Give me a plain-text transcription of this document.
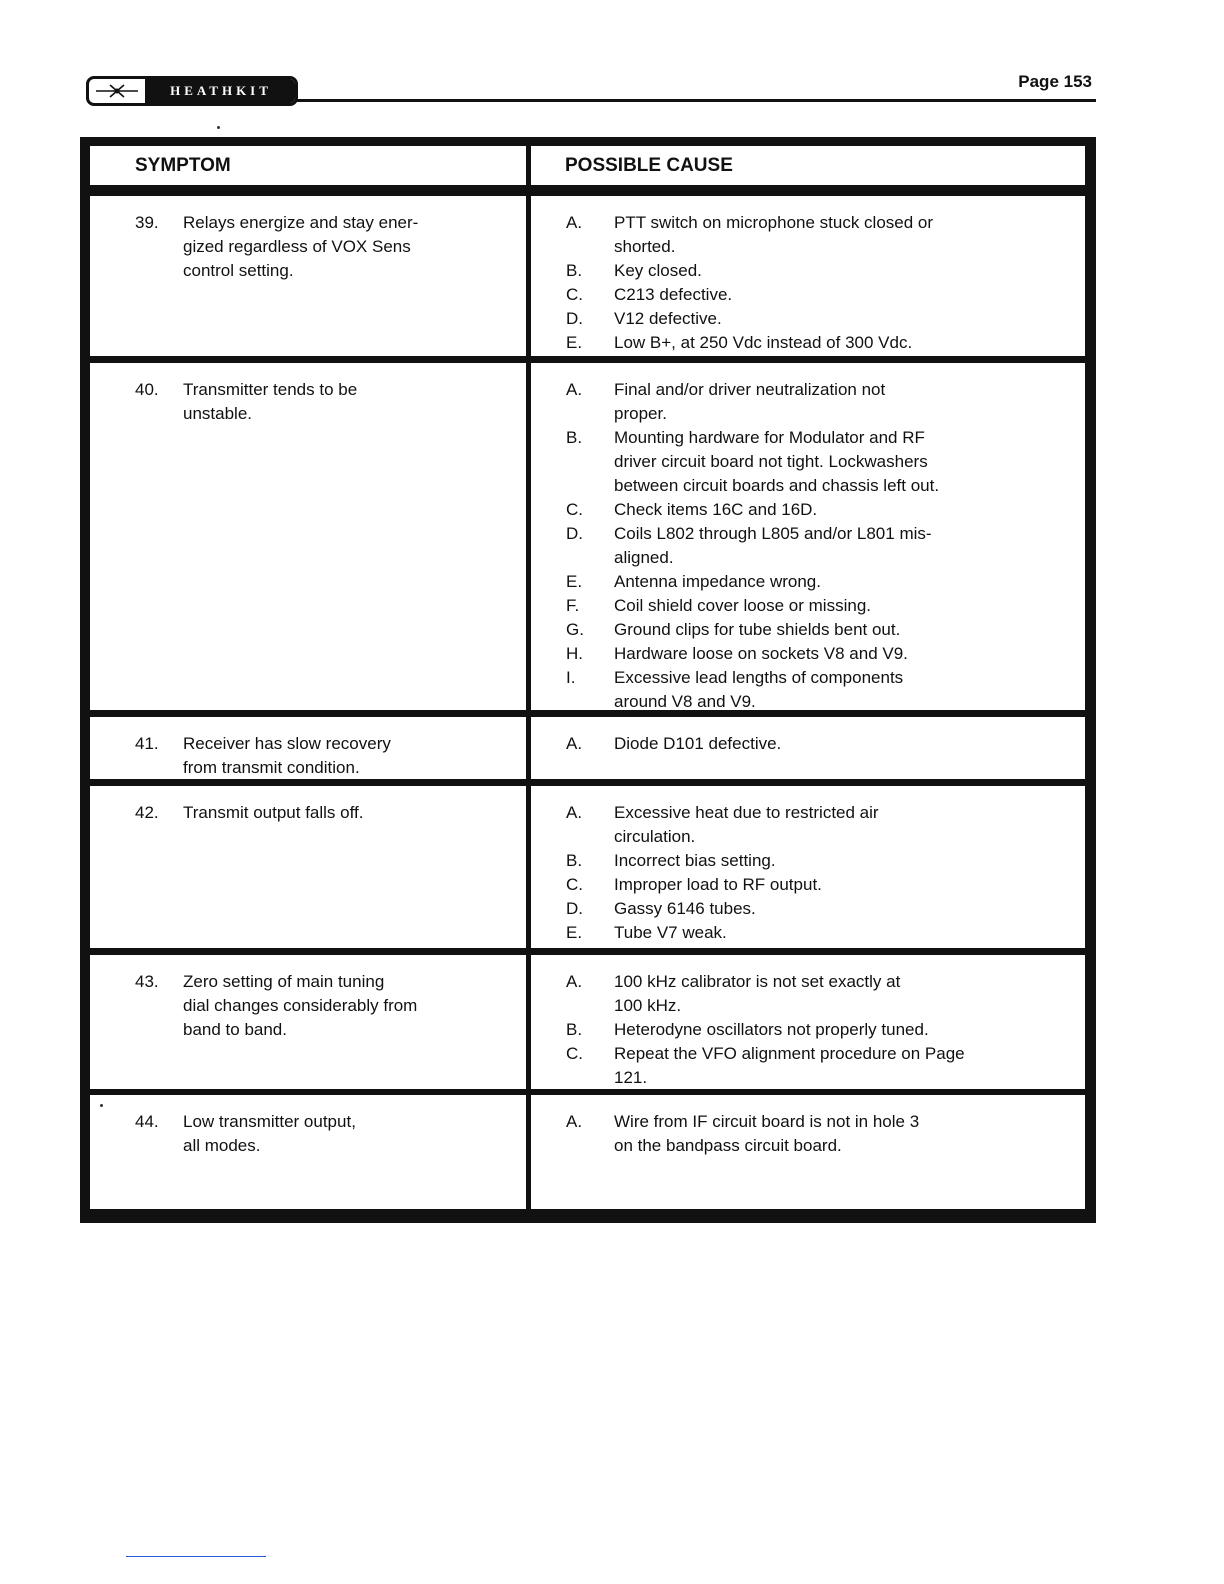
HEATHKIT	Page 153
SYMPTOM	POSSIBLE CAUSE
39.	Relays energize and stay ener-
gized regardless of VOX Sens
control setting.
A.	PTT switch on microphone stuck closed or
shorted.
B.	Key closed.
C.	C213 defective.
D.	V12 defective.
E.	Low B+, at 250 Vdc instead of 300 Vdc.
40.	Transmitter tends to be
unstable.
A.	Final and/or driver neutralization not
proper.
B.	Mounting hardware for Modulator and RF
driver circuit board not tight. Lockwashers
between circuit boards and chassis left out.
C.	Check items 16C and 16D.
D.	Coils L802 through L805 and/or L801 mis-
aligned.
E.	Antenna impedance wrong.
F.	Coil shield cover loose or missing.
G.	Ground clips for tube shields bent out.
H.	Hardware loose on sockets V8 and V9.
I.	Excessive lead lengths of components
around V8 and V9.
41.	Receiver has slow recovery
from transmit condition.
A.	Diode D101 defective.
42.	Transmit output falls off.	A.	Excessive heat due to restricted air
circulation.
B.	Incorrect bias setting.
C.	Improper load to RF output.
D.	Gassy 6146 tubes.
E.	Tube V7 weak.
43.	Zero setting of main tuning
dial changes considerably from
band to band.
A.	100 kHz calibrator is not set exactly at
100 kHz.
B.	Heterodyne oscillators not properly tuned.
C.	Repeat the VFO alignment procedure on Page
121.
44.	Low transmitter output,
all modes.
A.	Wire from IF circuit board is not in hole 3
on the bandpass circuit board.
